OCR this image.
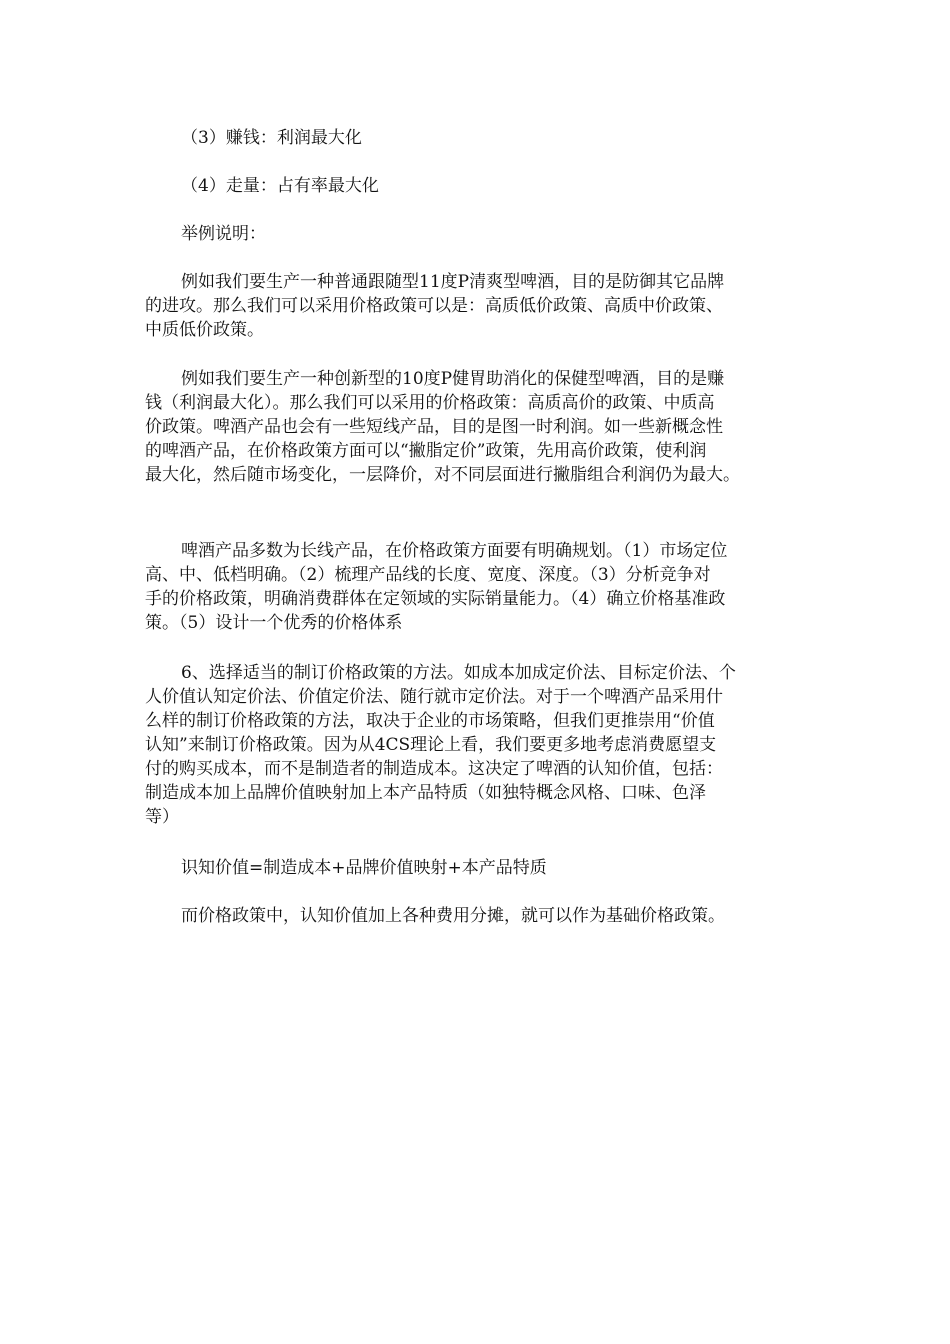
（3）赚钱：利润最大化

（4）走量：占有率最大化

举例说明：

例如我们要生产一种普通跟随型11度P清爽型啤酒，目的是防御其它品牌
的进攻。那么我们可以采用价格政策可以是：高质低价政策、高质中价政策、
中质低价政策。
例如我们要生产一种创新型的10度P健胃助消化的保健型啤酒，目的是赚
钱（利润最大化）。那么我们可以采用的价格政策：高质高价的政策、中质高
价政策。啤酒产品也会有一些短线产品，目的是图一时利润。如一些新概念性
的啤酒产品，在价格政策方面可以“撇脂定价”政策，先用高价政策，使利润
最大化，然后随市场变化，一层降价，对不同层面进行撇脂组合利润仍为最大。
啤酒产品多数为长线产品，在价格政策方面要有明确规划。（1）市场定位
高、中、低档明确。（2）梳理产品线的长度、宽度、深度。（3）分析竞争对
手的价格政策，明确消费群体在定领域的实际销量能力。（4）确立价格基准政
策。（5）设计一个优秀的价格体系
6、选择适当的制订价格政策的方法。如成本加成定价法、目标定价法、个
人价值认知定价法、价值定价法、随行就市定价法。对于一个啤酒产品采用什
么样的制订价格政策的方法，取决于企业的市场策略，但我们更推崇用“价值
认知”来制订价格政策。因为从4CS理论上看，我们要更多地考虑消费愿望支
付的购买成本，而不是制造者的制造成本。这决定了啤酒的认知价值，包括：
制造成本加上品牌价值映射加上本产品特质（如独特概念风格、口味、色泽
等）

识知价值=制造成本+品牌价值映射+本产品特质

而价格政策中，认知价值加上各种费用分摊，就可以作为基础价格政策。
